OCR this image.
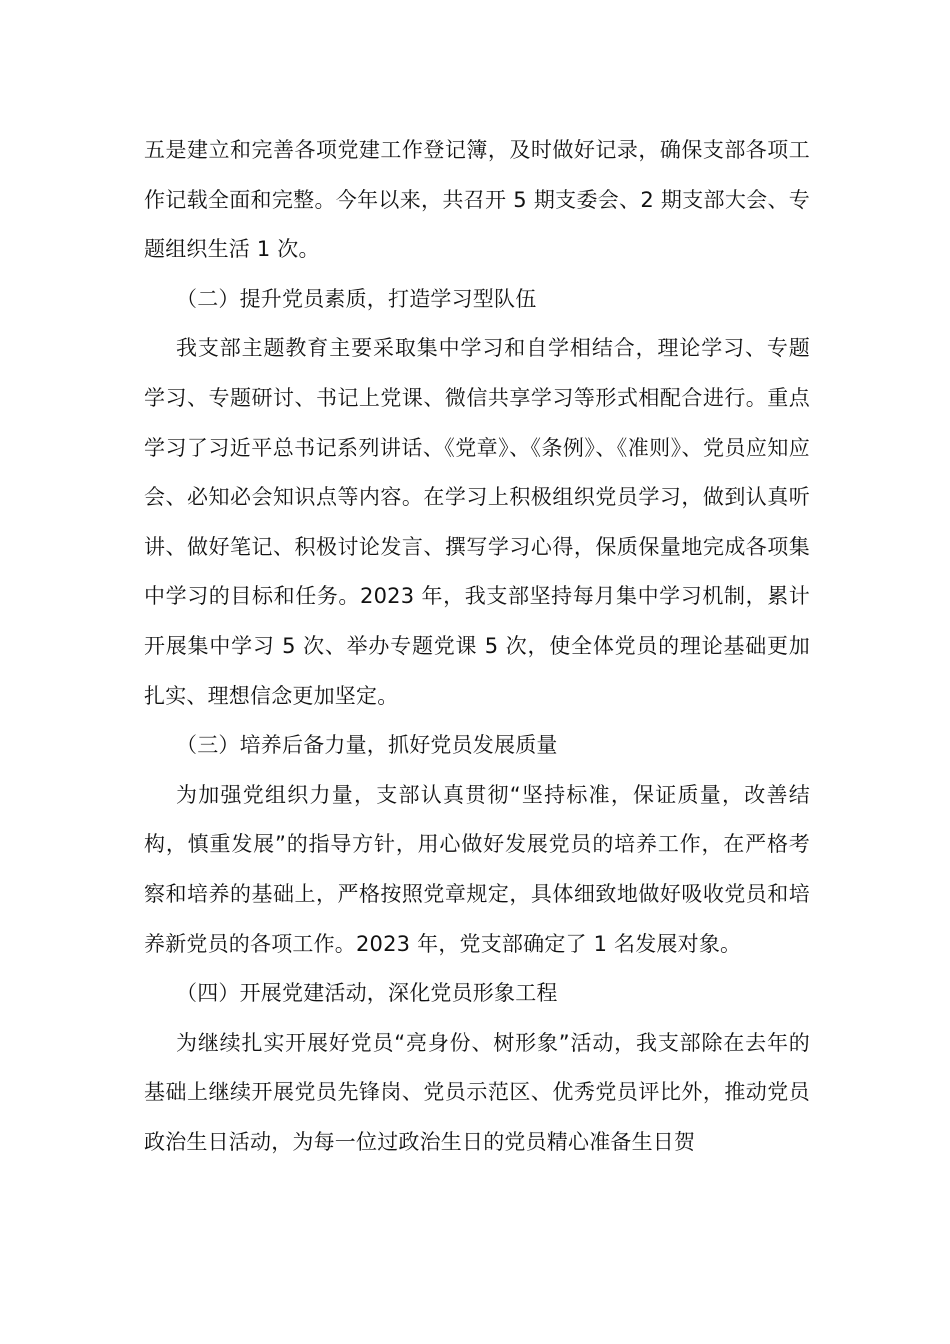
五是建立和完善各项党建工作登记簿，及时做好记录，确保支部各项工作记载全面和完整。今年以来，共召开 5 期支委会、2 期支部大会、专题组织生活 1 次。

（二）提升党员素质，打造学习型队伍

我支部主题教育主要采取集中学习和自学相结合，理论学习、专题学习、专题研讨、书记上党课、微信共享学习等形式相配合进行。重点学习了习近平总书记系列讲话、《党章》、《条例》、《准则》、党员应知应会、必知必会知识点等内容。在学习上积极组织党员学习，做到认真听讲、做好笔记、积极讨论发言、撰写学习心得，保质保量地完成各项集中学习的目标和任务。2023 年，我支部坚持每月集中学习机制，累计开展集中学习 5 次、举办专题党课 5 次，使全体党员的理论基础更加扎实、理想信念更加坚定。

（三）培养后备力量，抓好党员发展质量

为加强党组织力量，支部认真贯彻“坚持标准，保证质量，改善结构，慎重发展”的指导方针，用心做好发展党员的培养工作，在严格考察和培养的基础上，严格按照党章规定，具体细致地做好吸收党员和培养新党员的各项工作。2023 年，党支部确定了 1 名发展对象。

（四）开展党建活动，深化党员形象工程

为继续扎实开展好党员“亮身份、树形象”活动，我支部除在去年的基础上继续开展党员先锋岗、党员示范区、优秀党员评比外，推动党员政治生日活动，为每一位过政治生日的党员精心准备生日贺
